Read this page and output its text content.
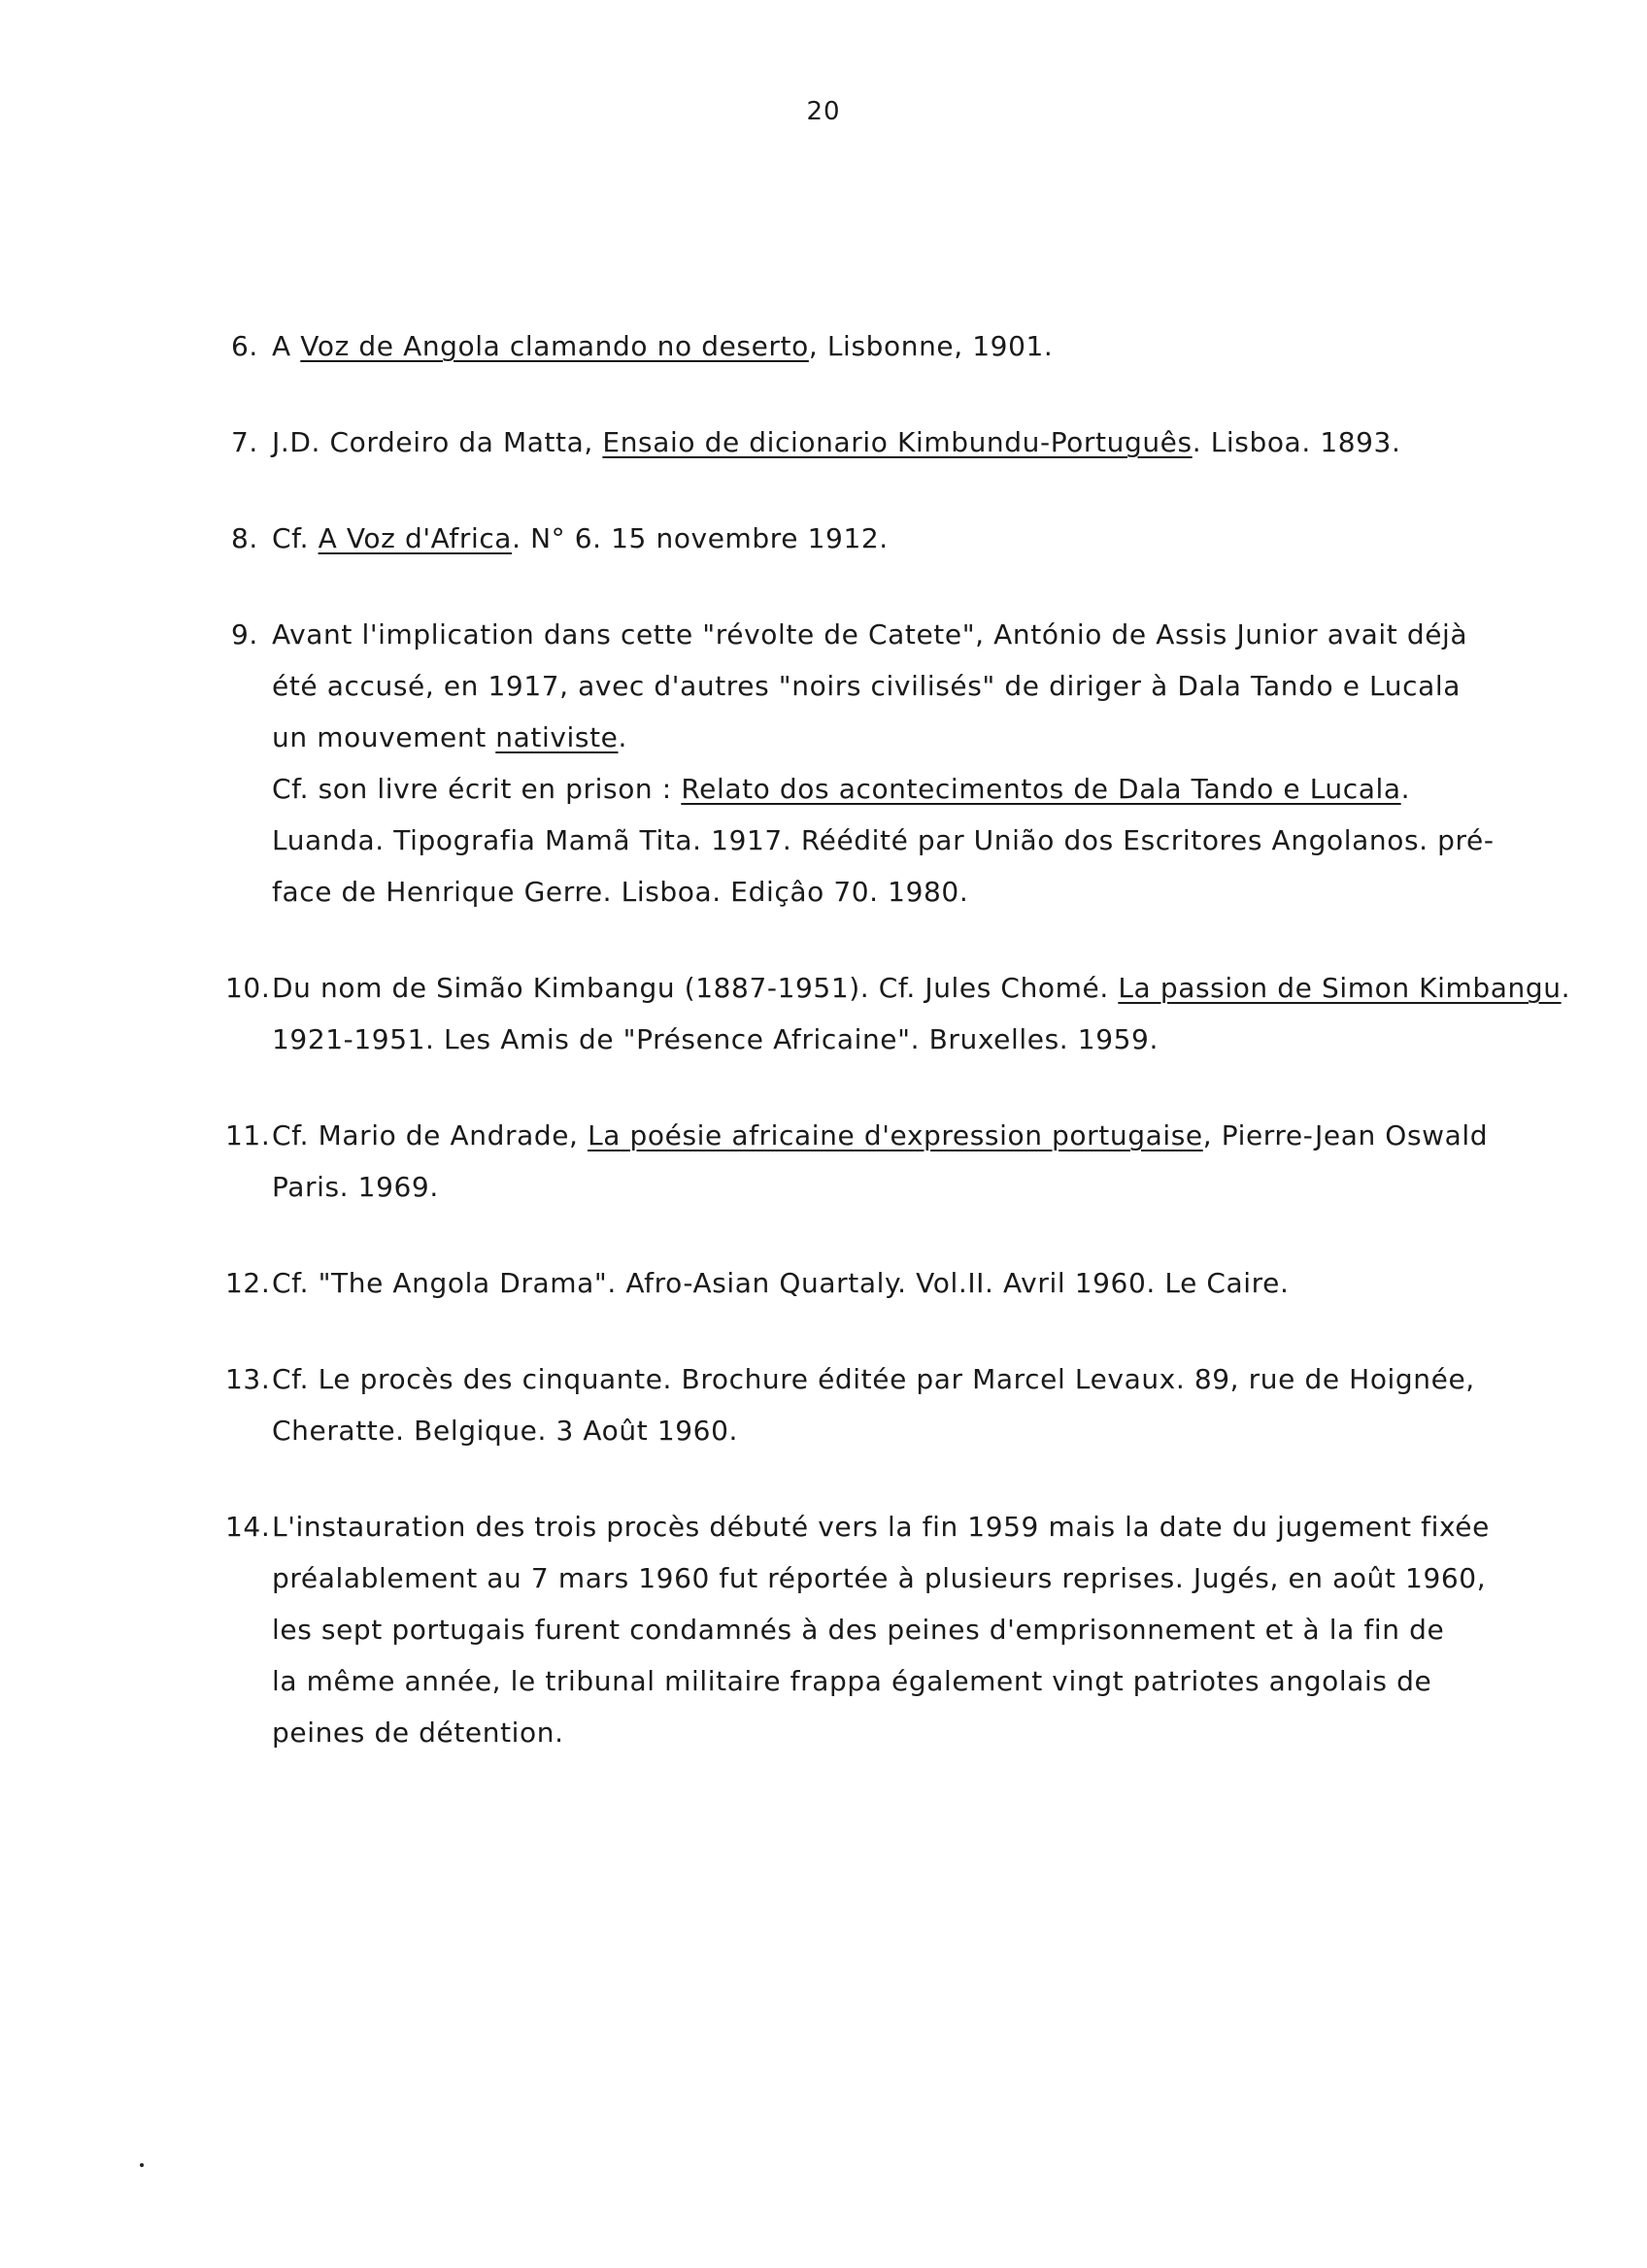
20
6. A Voz de Angola clamando no deserto, Lisbonne, 1901.
7. J.D. Cordeiro da Matta, Ensaio de dicionario Kimbundu-Português. Lisboa. 1893.
8. Cf. A Voz d'Africa. N° 6. 15 novembre 1912.
9. Avant l'implication dans cette "révolte de Catete", António de Assis Junior avait déjà
été accusé, en 1917, avec d'autres "noirs civilisés" de diriger à Dala Tando e Lucala
un mouvement nativiste.
Cf. son livre écrit en prison : Relato dos acontecimentos de Dala Tando e Lucala.
Luanda. Tipografia Mamã Tita. 1917. Réédité par União dos Escritores Angolanos. pré-
face de Henrique Gerre. Lisboa. Ediçâo 70. 1980.
10. Du nom de Simão Kimbangu (1887-1951). Cf. Jules Chomé. La passion de Simon Kimbangu.
1921-1951. Les Amis de "Présence Africaine". Bruxelles. 1959.
11. Cf. Mario de Andrade, La poésie africaine d'expression portugaise, Pierre-Jean Oswald
Paris. 1969.
12. Cf. "The Angola Drama". Afro-Asian Quartaly. Vol.II. Avril 1960. Le Caire.
13. Cf. Le procès des cinquante. Brochure éditée par Marcel Levaux. 89, rue de Hoignée,
Cheratte. Belgique. 3 Août 1960.
14. L'instauration des trois procès débuté vers la fin 1959 mais la date du jugement fixée
préalablement au 7 mars 1960 fut réportée à plusieurs reprises. Jugés, en août 1960,
les sept portugais furent condamnés à des peines d'emprisonnement et à la fin de
la même année, le tribunal militaire frappa également vingt patriotes angolais de
peines de détention.
